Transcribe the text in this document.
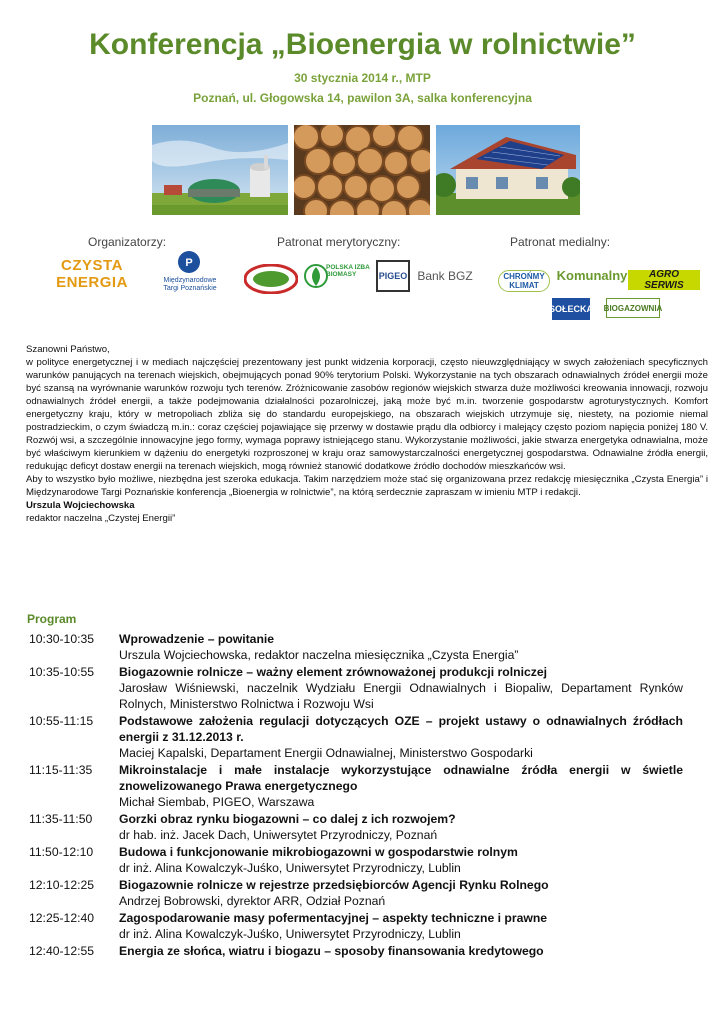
Konferencja „Bioenergia w rolnictwie”
30 stycznia 2014 r., MTP
Poznań, ul. Głogowska 14, pawilon 3A, salka konferencyjna
Organizatorzy:	Patronat merytoryczny:	Patronat medialny:
CZYSTA ENERGIA
P
Międzynarodowe Targi Poznańskie
POLSKA IZBA BIOMASY	PIGEO Bank BGZ	CHROŃMY KLIMAT
Komunalny	AGRO SERWIS
SOŁECKA BIOGAZOWNIA

Szanowni Państwo,

w polityce energetycznej i w mediach najczęściej prezentowany jest punkt widzenia korporacji, często nieuwzględniający w swych założeniach specyficznych warunków panujących na terenach wiejskich, obejmujących ponad 90% terytorium Polski. Wykorzystanie na tych obszarach odnawialnych źródeł energii może być szansą na wyrównanie warunków rozwoju tych terenów. Zróżnicowanie zasobów regionów wiejskich stwarza duże możliwości kreowania innowacji, rozwoju odnawialnych źródeł energii, a także podejmowania działalności pozarolniczej, jaką może być m.in. tworzenie gospodarstw agroturystycznych. Komfort energetyczny kraju, który w metropoliach zbliża się do standardu europejskiego, na obszarach wiejskich utrzymuje się, niestety, na poziomie niemal postradzieckim, o czym świadczą m.in.: coraz częściej pojawiające się przerwy w dostawie prądu dla odbiorcy i malejący często poziom napięcia poniżej 180 V. Rozwój wsi, a szczególnie innowacyjne jego formy, wymaga poprawy istniejącego stanu. Wykorzystanie możliwości, jakie stwarza energetyka odnawialna, może być właściwym kierunkiem w dążeniu do energetyki rozproszonej w kraju oraz samowystarczalności energetycznej gospodarstwa. Odnawialne źródła energii, redukując deficyt dostaw energii na terenach wiejskich, mogą również stanowić dodatkowe źródło dochodów mieszkańców wsi.

Aby to wszystko było możliwe, niezbędna jest szeroka edukacja. Takim narzędziem może stać się organizowana przez redakcję miesięcznika „Czysta Energia” i Międzynarodowe Targi Poznańskie konferencja „Bioenergia w rolnictwie”, na którą serdecznie zapraszam w imieniu MTP i redakcji.

Urszula Wojciechowska

redaktor naczelna „Czystej Energii”

Program
10:30-10:35	Wprowadzenie – powitanie
Urszula Wojciechowska, redaktor naczelna miesięcznika „Czysta Energia”
10:35-10:55	Biogazownie rolnicze – ważny element zrównoważonej produkcji rolniczej
Jarosław Wiśniewski, naczelnik Wydziału Energii Odnawialnych i Biopaliw, Departament Rynków Rolnych, Ministerstwo Rolnictwa i Rozwoju Wsi
10:55-11:15	Podstawowe założenia regulacji dotyczących OZE – projekt ustawy o odnawialnych źródłach energii z 31.12.2013 r.
Maciej Kapalski, Departament Energii Odnawialnej, Ministerstwo Gospodarki
11:15-11:35	Mikroinstalacje i małe instalacje wykorzystujące odnawialne źródła energii w świetle znowelizowanego Prawa energetycznego
Michał Siembab, PIGEO, Warszawa
11:35-11:50	Gorzki obraz rynku biogazowni – co dalej z ich rozwojem?
dr hab. inż. Jacek Dach, Uniwersytet Przyrodniczy, Poznań
11:50-12:10	Budowa i funkcjonowanie mikrobiogazowni w gospodarstwie rolnym
dr inż. Alina Kowalczyk-Juśko, Uniwersytet Przyrodniczy, Lublin
12:10-12:25	Biogazownie rolnicze w rejestrze przedsiębiorców Agencji Rynku Rolnego
Andrzej Bobrowski, dyrektor ARR, Odział Poznań
12:25-12:40	Zagospodarowanie masy pofermentacyjnej – aspekty techniczne i prawne
dr inż. Alina Kowalczyk-Juśko, Uniwersytet Przyrodniczy, Lublin
12:40-12:55	Energia ze słońca, wiatru i biogazu – sposoby finansowania kredytowego
